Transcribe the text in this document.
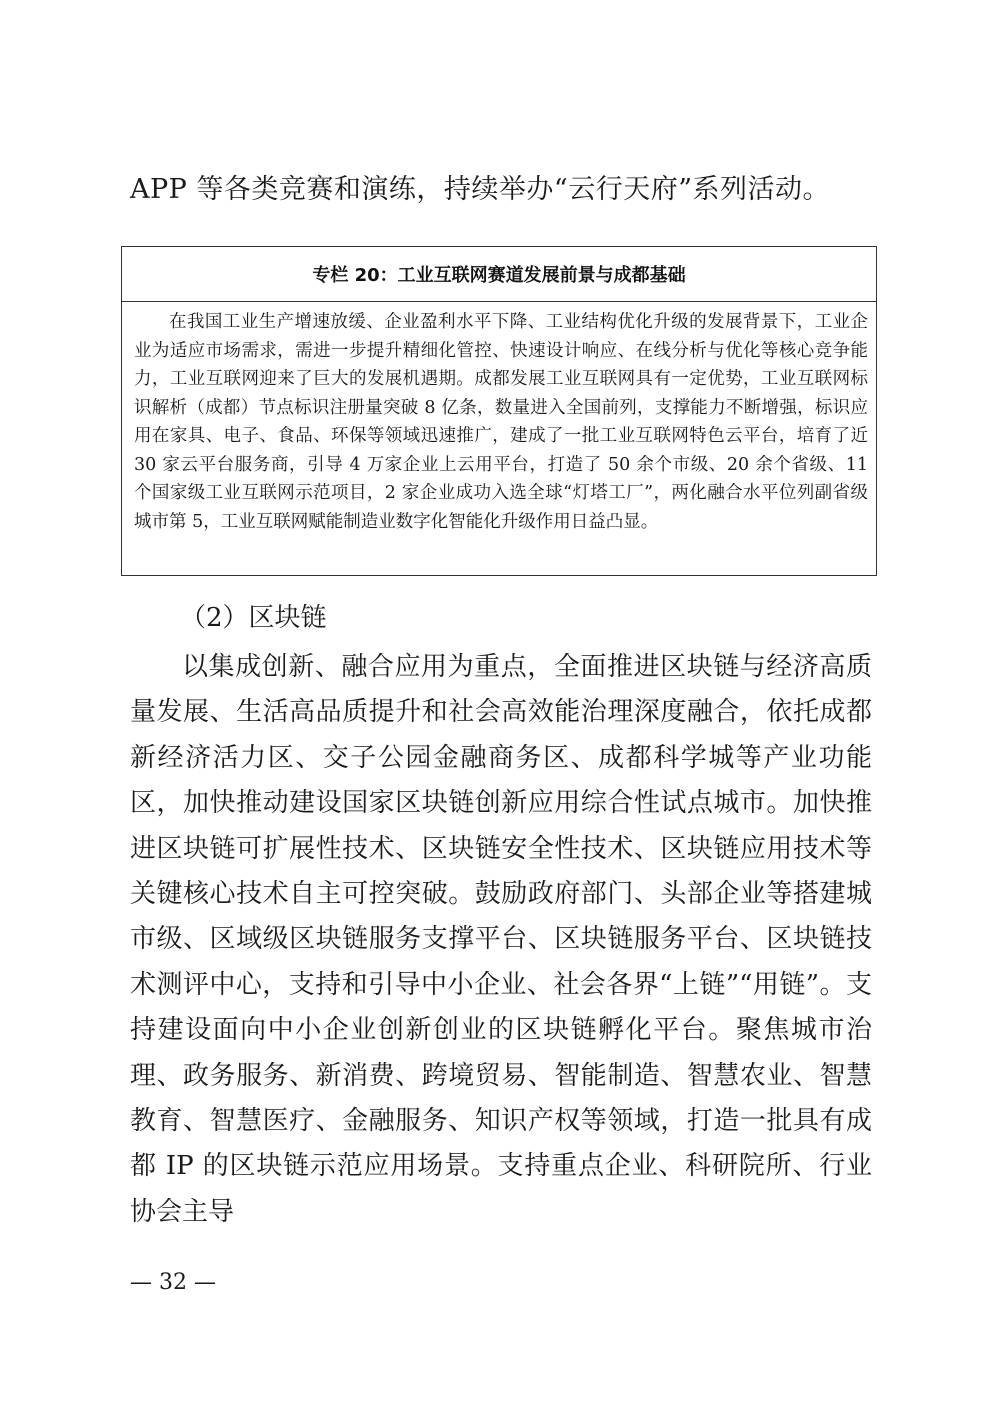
APP 等各类竞赛和演练，持续举办“云行天府”系列活动。
专栏 20：工业互联网赛道发展前景与成都基础
在我国工业生产增速放缓、企业盈利水平下降、工业结构优化升级的发展背景下，工业企业为适应市场需求，需进一步提升精细化管控、快速设计响应、在线分析与优化等核心竞争能力，工业互联网迎来了巨大的发展机遇期。成都发展工业互联网具有一定优势，工业互联网标识解析（成都）节点标识注册量突破 8 亿条，数量进入全国前列，支撑能力不断增强，标识应用在家具、电子、食品、环保等领域迅速推广，建成了一批工业互联网特色云平台，培育了近 30 家云平台服务商，引导 4 万家企业上云用平台，打造了 50 余个市级、20 余个省级、11 个国家级工业互联网示范项目，2 家企业成功入选全球“灯塔工厂”，两化融合水平位列副省级城市第 5，工业互联网赋能制造业数字化智能化升级作用日益凸显。
（2）区块链
以集成创新、融合应用为重点，全面推进区块链与经济高质量发展、生活高品质提升和社会高效能治理深度融合，依托成都新经济活力区、交子公园金融商务区、成都科学城等产业功能区，加快推动建设国家区块链创新应用综合性试点城市。加快推进区块链可扩展性技术、区块链安全性技术、区块链应用技术等关键核心技术自主可控突破。鼓励政府部门、头部企业等搭建城市级、区域级区块链服务支撑平台、区块链服务平台、区块链技术测评中心，支持和引导中小企业、社会各界“上链”“用链”。支持建设面向中小企业创新创业的区块链孵化平台。聚焦城市治理、政务服务、新消费、跨境贸易、智能制造、智慧农业、智慧教育、智慧医疗、金融服务、知识产权等领域，打造一批具有成都 IP 的区块链示范应用场景。支持重点企业、科研院所、行业协会主导
— 32 —
